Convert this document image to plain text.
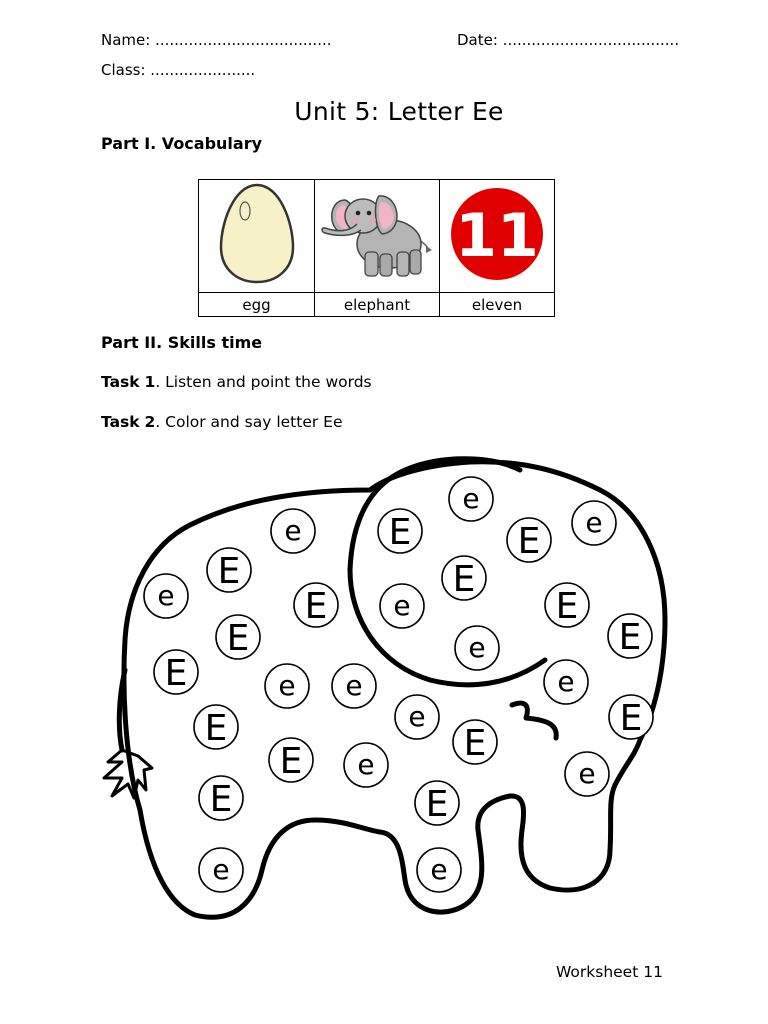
Name: .....................................	Date: .....................................
Class: ......................
Unit 5: Letter Ee
Part I. Vocabulary

11

egg	elephant	eleven
Part II. Skills time
Task 1. Listen and point the words
Task 2. Color and say letter Ee
e
E
E
e
E
E	e e
E
E e
E
e
e
E
E
e
E
e
E
e
E e
e
E
E
e
E
e
Worksheet 11
